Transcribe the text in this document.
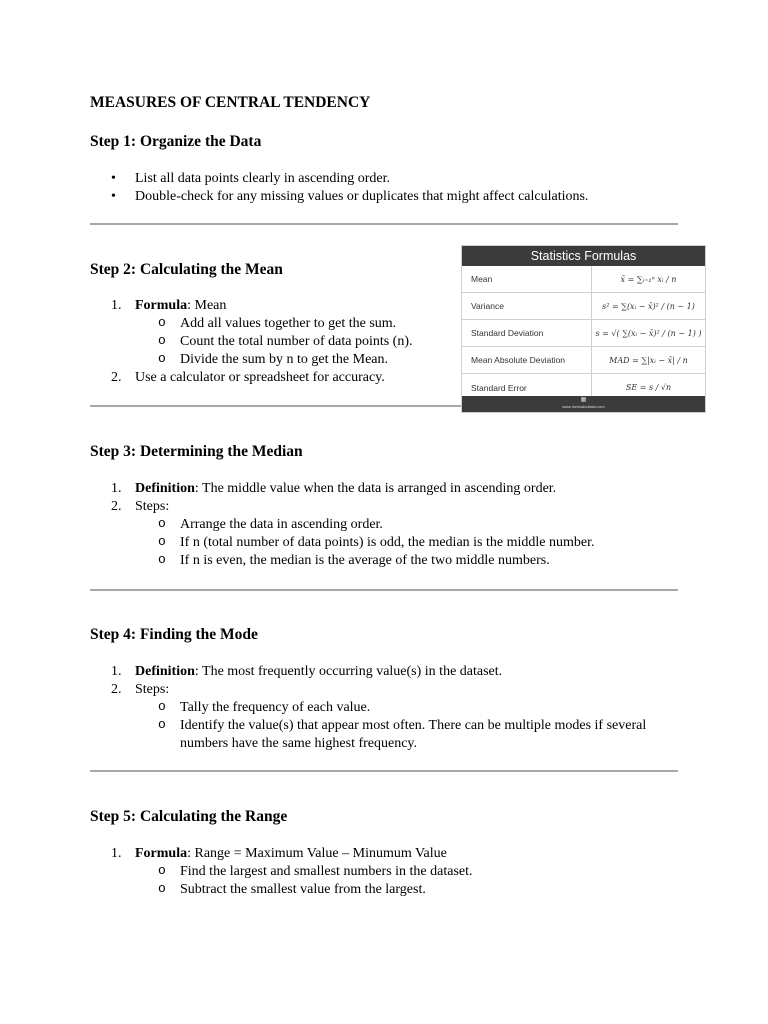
MEASURES OF CENTRAL TENDENCY
Step 1: Organize the Data
• List all data points clearly in ascending order.
• Double-check for any missing values or duplicates that might affect calculations.
Step 2: Calculating the Mean
1. Formula: Mean
o Add all values together to get the sum.
o Count the total number of data points (n).
o Divide the sum by n to get the Mean.
2. Use a calculator or spreadsheet for accuracy.
Statistics Formulas
Mean	x̄ = ∑ᵢ₌₁ⁿ xᵢ / n
Variance	s² = ∑(xᵢ − x̄)² / (n − 1)
Standard Deviation	s = √( ∑(xᵢ − x̄)² / (n − 1) )
Mean Absolute Deviation	MAD = ∑|xᵢ − x̄| / n
Standard Error	SE = s / √n
▦
www.inchcalculator.com
Step 3: Determining the Median
1. Definition: The middle value when the data is arranged in ascending order.
2. Steps:
o Arrange the data in ascending order.
o If n (total number of data points) is odd, the median is the middle number.
o If n is even, the median is the average of the two middle numbers.
Step 4: Finding the Mode
1. Definition: The most frequently occurring value(s) in the dataset.
2. Steps:
o Tally the frequency of each value.
o Identify the value(s) that appear most often. There can be multiple modes if several numbers have the same highest frequency.
Step 5: Calculating the Range
1. Formula: Range = Maximum Value – Minumum Value
o Find the largest and smallest numbers in the dataset.
o Subtract the smallest value from the largest.
